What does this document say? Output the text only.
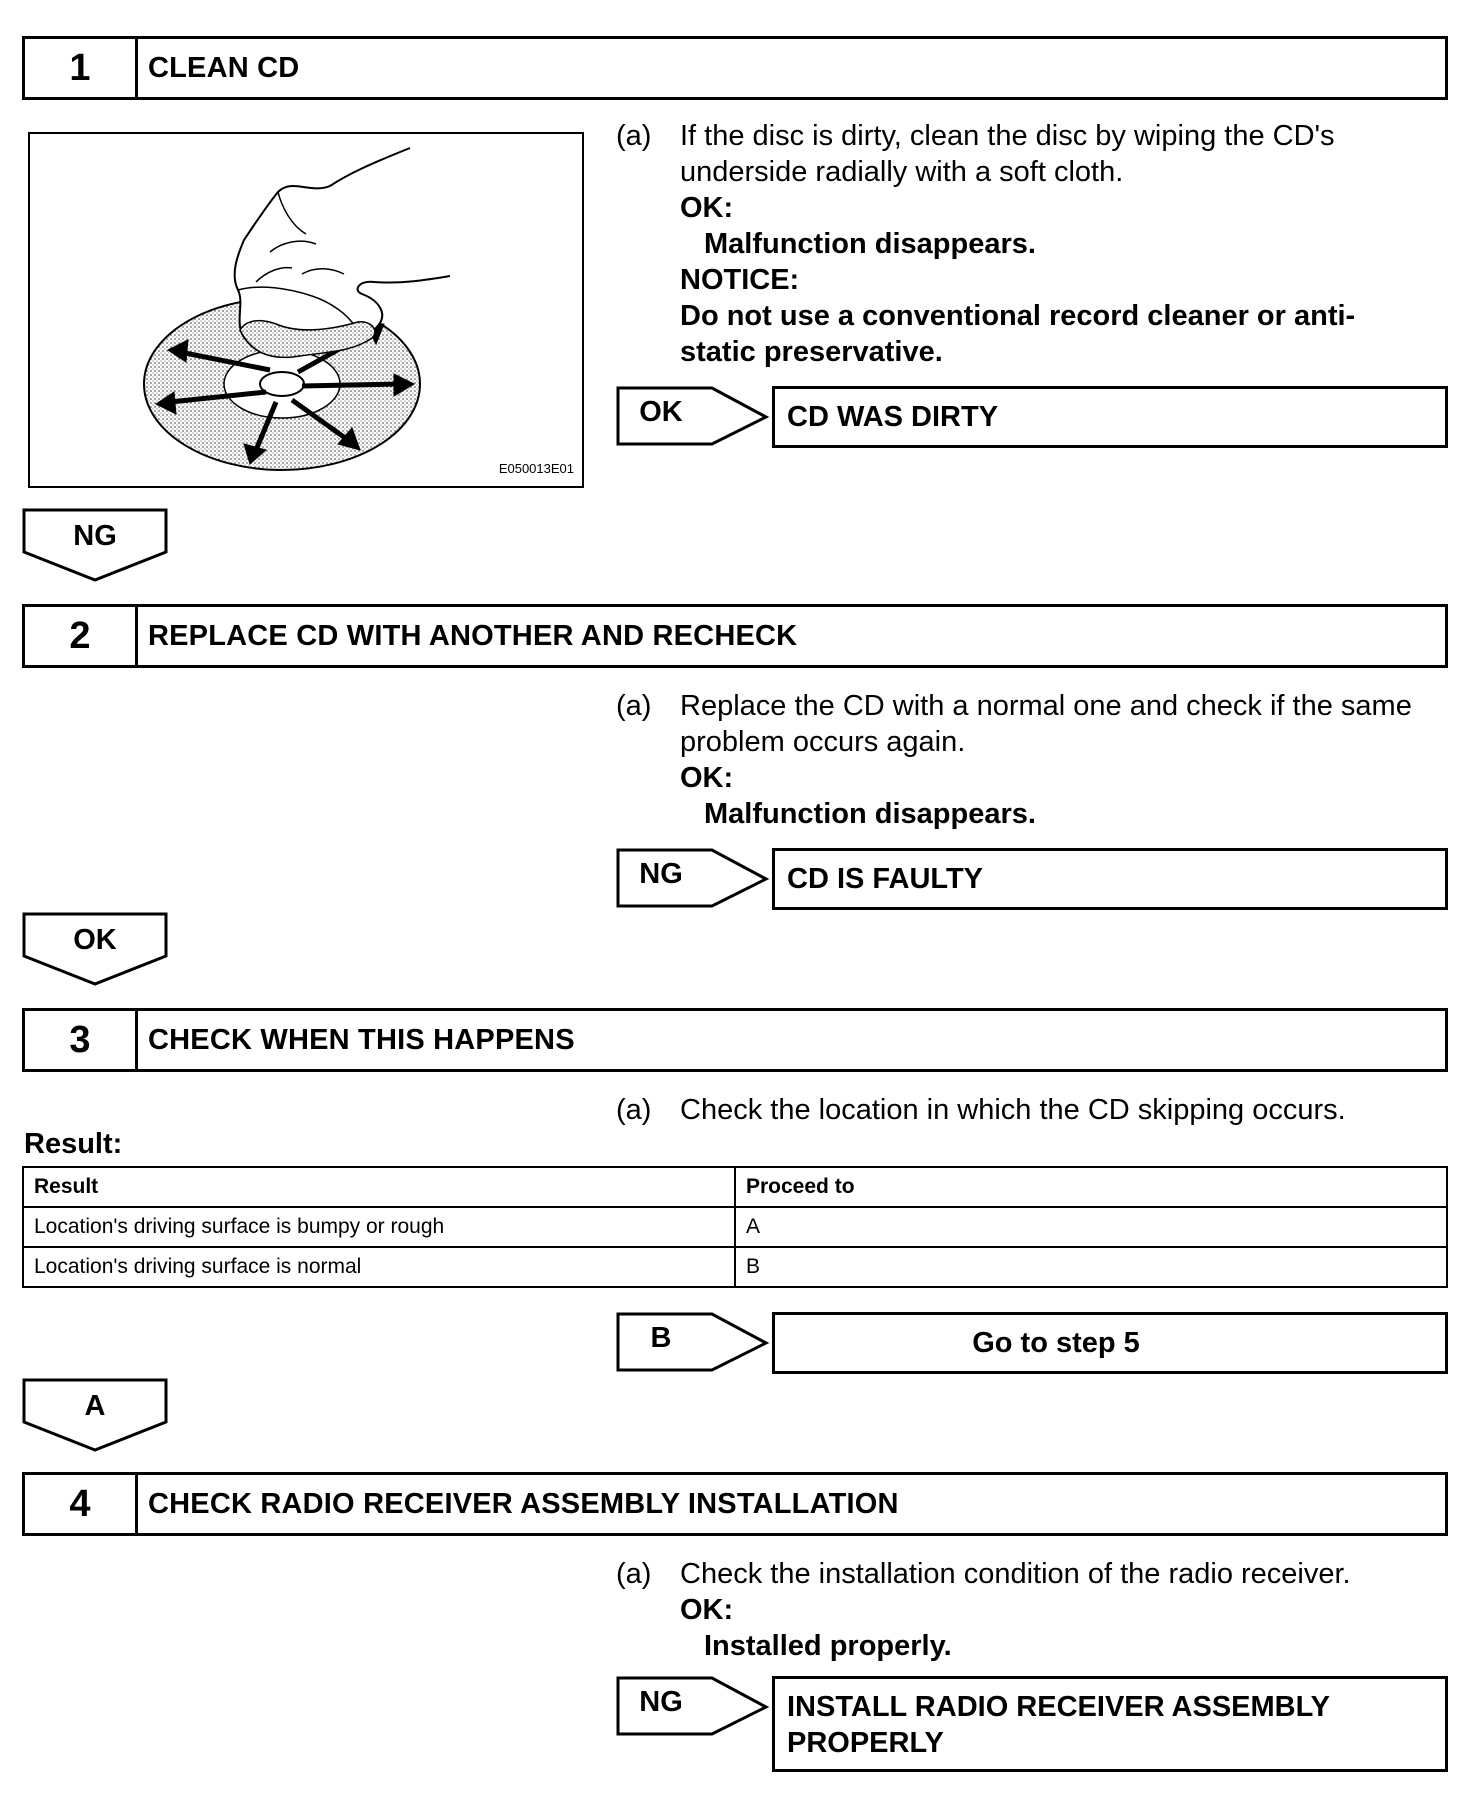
1	CLEAN CD
E050013E01
(a) If the disc is dirty, clean the disc by wiping the CD's
underside radially with a soft cloth.
OK:
Malfunction disappears.
NOTICE:
Do not use a conventional record cleaner or anti-
static preservative.
OK	CD WAS DIRTY
NG
2	REPLACE CD WITH ANOTHER AND RECHECK
(a) Replace the CD with a normal one and check if the same
problem occurs again.
OK:
Malfunction disappears.
NG	CD IS FAULTY
OK
3	CHECK WHEN THIS HAPPENS
(a) Check the location in which the CD skipping occurs.
Result:
Result	Proceed to
Location's driving surface is bumpy or rough	A
Location's driving surface is normal	B
B	Go to step 5
A
4	CHECK RADIO RECEIVER ASSEMBLY INSTALLATION
(a) Check the installation condition of the radio receiver.
OK:
Installed properly.
NG	INSTALL RADIO RECEIVER ASSEMBLY
PROPERLY
